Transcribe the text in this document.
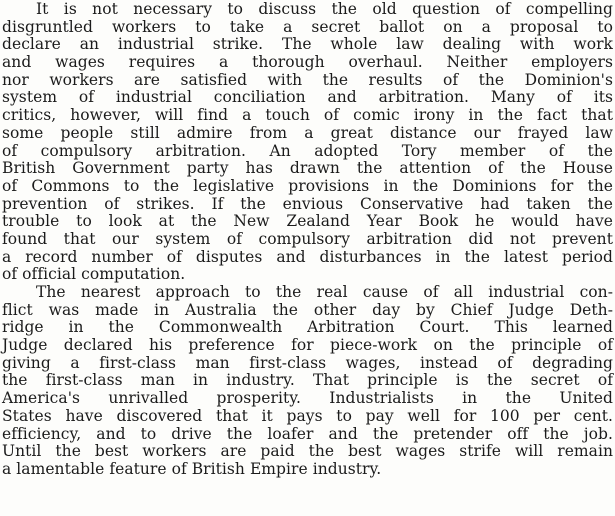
It is not necessary to discuss the old question of compelling
disgruntled workers to take a secret ballot on a proposal to
declare an industrial strike. The whole law dealing with work
and wages requires a thorough overhaul. Neither employers
nor workers are satisfied with the results of the Dominion's
system of industrial conciliation and arbitration. Many of its
critics, however, will find a touch of comic irony in the fact that
some people still admire from a great distance our frayed law
of compulsory arbitration. An adopted Tory member of the
British Government party has drawn the attention of the House
of Commons to the legislative provisions in the Dominions for the
prevention of strikes. If the envious Conservative had taken the
trouble to look at the New Zealand Year Book he would have
found that our system of compulsory arbitration did not prevent
a record number of disputes and disturbances in the latest period
of official computation.
The nearest approach to the real cause of all industrial con-
flict was made in Australia the other day by Chief Judge Deth-
ridge in the Commonwealth Arbitration Court. This learned
Judge declared his preference for piece-work on the principle of
giving a first-class man first-class wages, instead of degrading
the first-class man in industry. That principle is the secret of
America's unrivalled prosperity. Industrialists in the United
States have discovered that it pays to pay well for 100 per cent.
efficiency, and to drive the loafer and the pretender off the job.
Until the best workers are paid the best wages strife will remain
a lamentable feature of British Empire industry.
